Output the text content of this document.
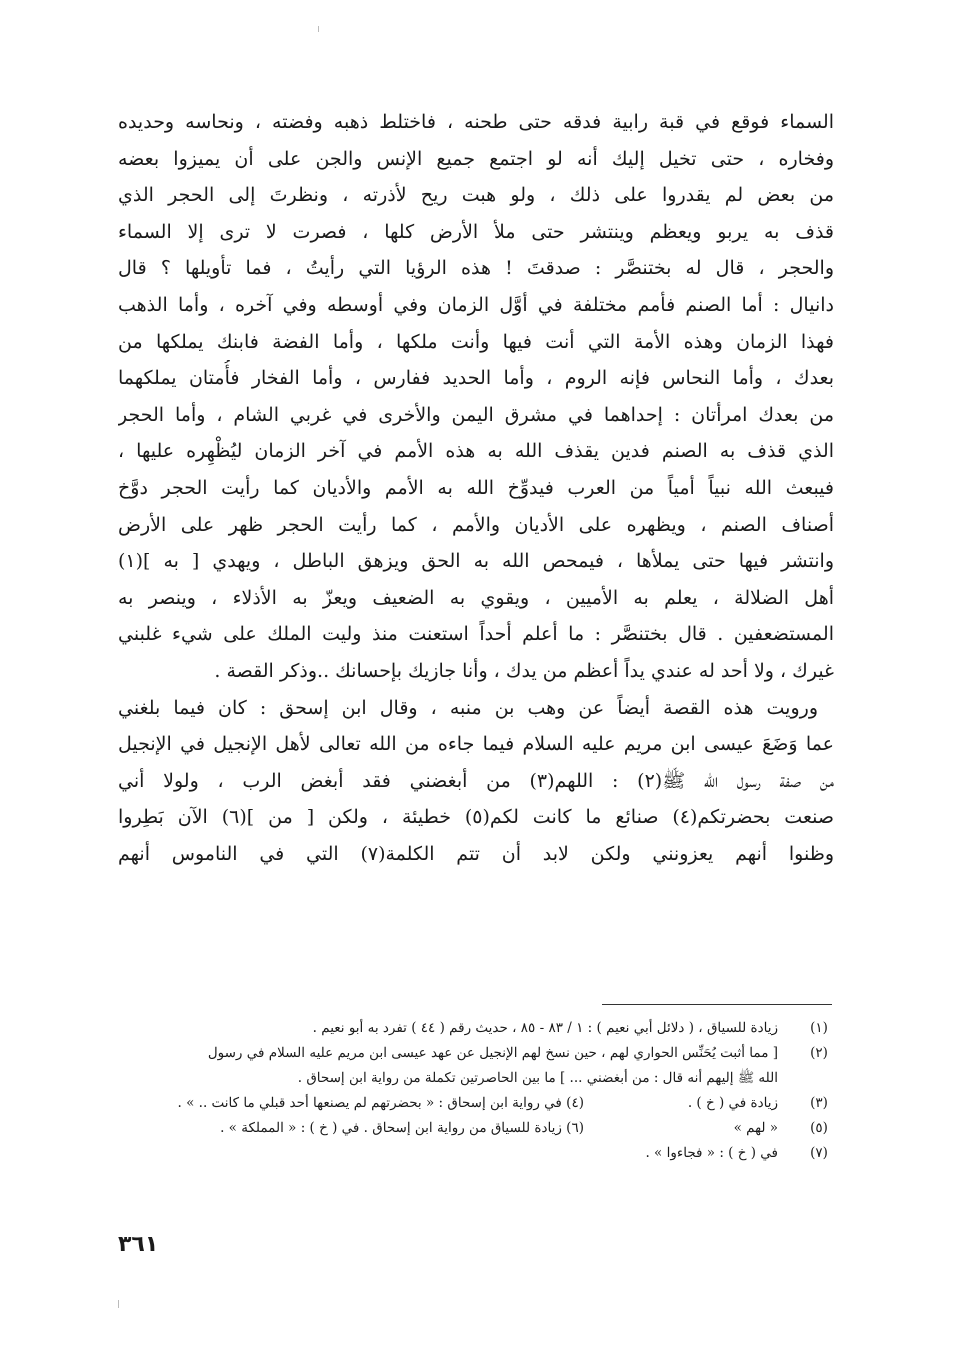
السماء فوقع في قبة رابية فدقه حتى طحنه ، فاختلط ذهبه وفضته ، ونحاسه وحديده
وفخاره ، حتى تخيل إليك أنه لو اجتمع جميع الإنس والجن على أن يميزوا بعضه
من بعض لم يقدروا على ذلك ، ولو هبت ريح لأذرته ، ونظرتَ إلى الحجر الذي
قذف به يربو ويعظم وينتشر حتى ملأ الأرض كلها ، فصرت لا ترى إلا السماء
والحجر ، قال له بختنصَّر : صدقتَ ! هذه الرؤيا التي رأيتُ ، فما تأويلها ؟ قال
دانيال : أما الصنم فأمم مختلفة في أوَّل الزمان وفي أوسطه وفي آخره ، وأما الذهب
فهذا الزمان وهذه الأمة التي أنت فيها وأنت ملكها ، وأما الفضة فابنك يملكها من
بعدك ، وأما النحاس فإنه الروم ، وأما الحديد ففارس ، وأما الفخار فأُمتان يملكهما
من بعدك امرأتان : إحداهما في مشرق اليمن والأخرى في غربي الشام ، وأما الحجر
الذي قذف به الصنم فدين يقذف الله به هذه الأمم في آخر الزمان ليُظْهِره عليها ،
فيبعث الله نبياً أمياً من العرب فيدوِّخ الله به الأمم والأديان كما رأيت الحجر دوَّخ
أصناف الصنم ، ويظهره على الأديان والأمم ، كما رأيت الحجر ظهر على الأرض
وانتشر فيها حتى يملأها ، فيمحص الله به الحق ويزهق الباطل ، ويهدي [ به ](١)
أهل الضلالة ، يعلم به الأميين ، ويقوي به الضعيف ويعزّ به الأذلاء ، وينصر به
المستضعفين . قال بختنصَّر : ما أعلم أحداً استعنت منذ وليت الملك على شيء غلبني
غيرك ، ولا أحد له عندي يداً أعظم من يدك ، وأنا جازيك بإحسانك ..وذكر القصة .
ورويت هذه القصة أيضاً عن وهب بن منبه ، وقال ابن إسحق : كان فيما بلغني
عما وَضَعَ عيسى ابن مريم عليه السلام فيما جاءه من الله تعالى لأهل الإنجيل في الإنجيل
من صفة رسول الله ﷺ(٢) : اللهم(٣) من أبغضني فقد أبغض الرب ، ولولا أني
صنعت بحضرتكم(٤) صنائع ما كانت لكم(٥) خطيئة ، ولكن [ من ](٦) الآن بَطِروا
وظنوا أنهم يعزونني ولكن لابد أن تتم الكلمة(٧) التي في الناموس أنهم
(١)
زيادة للسياق ، ( دلائل أبي نعيم ) : ١ / ٨٣ - ٨٥ ، حديث رقم ( ٤٤ ) تفرد به أبو نعيم .
(٢)
[ مما أثبت يُحَنِّس الحواري لهم ، حين نسخ لهم الإنجيل عن عهد عيسى ابن مريم عليه السلام في رسول
الله ﷺ إليهم أنه قال : من أبغضني ... ] ما بين الحاصرتين تكملة من رواية ابن إسحاق .
(٣)
زيادة في ( خ ) .
(٤) في رواية ابن إسحاق : « بحضرتهم لم يصنعها أحد قبلي ما كانت .. » .
(٥)
« لهم »
(٦) زيادة للسياق من رواية ابن إسحاق . في ( خ ) : « المملكة » .
(٧)
في ( خ ) : « فجاءوا » .
٣٦١
